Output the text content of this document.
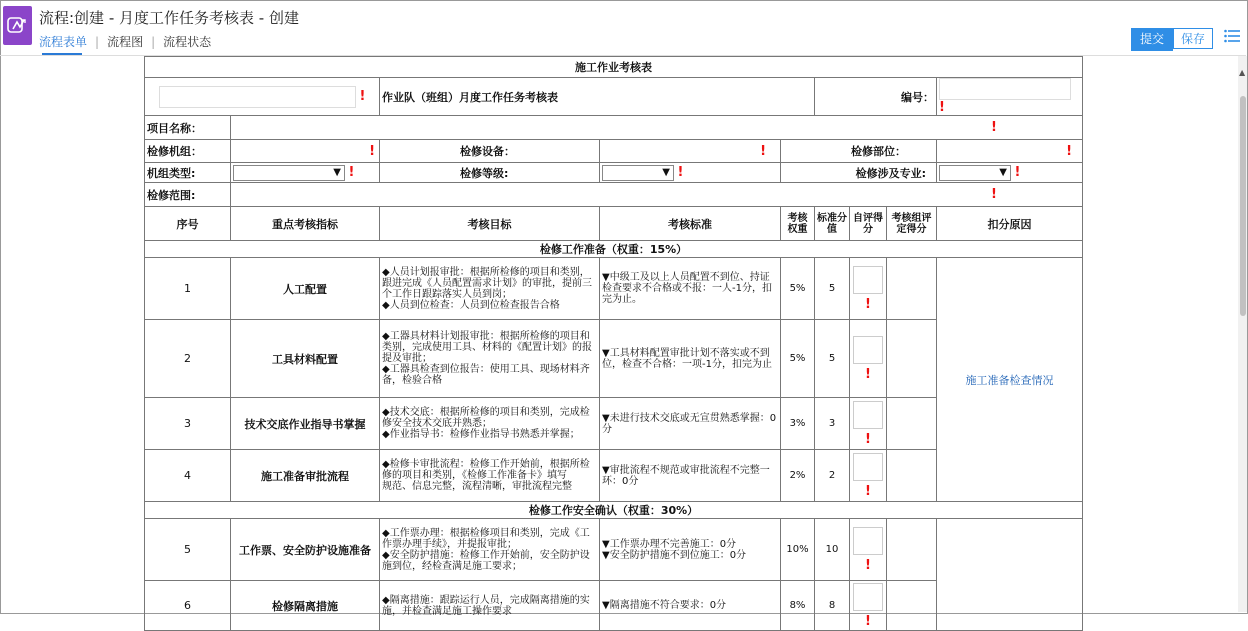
流程:创建 - 月度工作任务考核表 - 创建
流程表单 | 流程图 | 流程状态	提交	保存
▲
施工作业考核表								
!		作业队（班组）月度工作任务考核表			编号：			!
项目名称：	!							
检修机组：	!	检修设备：	!	检修部位：				!
机组类型:	▼ !	检修等级:	▼ !	检修涉及专业:				▼ !
检修范围:	!							
序号	重点考核指标	考核目标	考核标准	考核权重	标准分值	自评得分	考核组评定得分	扣分原因
检修工作准备（权重：15%）								
1	人工配置	◆人员计划报审批：根据所检修的项目和类别，跟进完成《人员配置需求计划》的审批，提前三个工作日跟踪落实人员到岗；
◆人员到位检查：人员到位检查报告合格	▼中级工及以上人员配置不到位、持证检查要求不合格或不报：一人-1分，扣完为止。	5%	5	!		施工准备检查情况
2	工具材料配置	◆工器具材料计划报审批：根据所检修的项目和类别，完成使用工具、材料的《配置计划》的报提及审批；
◆工器具检查到位报告：使用工具、现场材料齐备，检验合格	▼工具材料配置审批计划不落实或不到位，检查不合格：一项-1分，扣完为止	5%	5	!		
3	技术交底作业指导书掌握	◆技术交底：根据所检修的项目和类别，完成检修安全技术交底并熟悉；
◆作业指导书：检修作业指导书熟悉并掌握；	▼未进行技术交底或无宣贯熟悉掌握：0分	3%	3	!		
4	施工准备审批流程	◆检修卡审批流程：检修工作开始前，根据所检修的项目和类别，《检修工作准备卡》填写
规范、信息完整，流程清晰，审批流程完整	▼审批流程不规范或审批流程不完整一环：0分	2%	2	!		
检修工作安全确认（权重：30%）								
5	工作票、安全防护设施准备	◆工作票办理：根据检修项目和类别，完成《工作票办理手续》，并提报审批；
◆安全防护措施：检修工作开始前，安全防护设施到位，经检查满足施工要求；	▼工作票办理不完善施工：0分
▼安全防护措施不到位施工：0分	10%	10	!		
6	检修隔离措施	◆隔离措施：跟踪运行人员，完成隔离措施的实施，并检查满足施工操作要求	▼隔离措施不符合要求：0分	8%	8	!		
